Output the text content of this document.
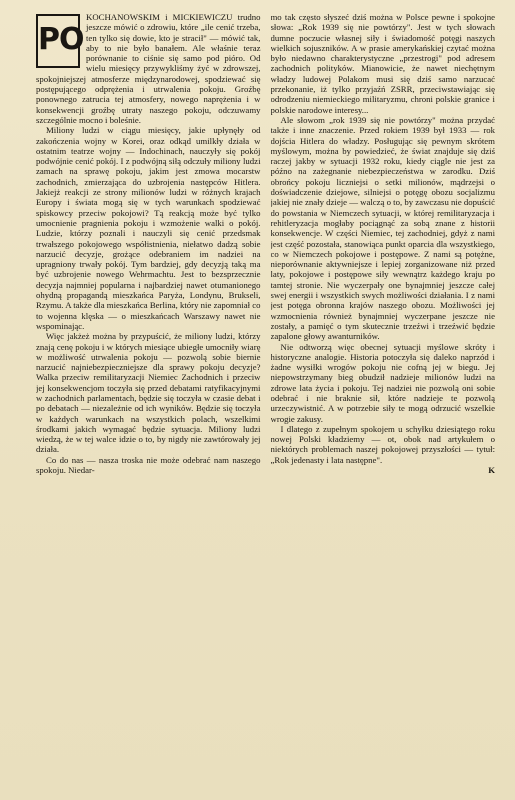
PO

KOCHANOWSKIM i MICKIEWICZU trudno jeszcze mówić o zdrowiu, które „ile cenić trzeba, ten tylko się dowie, kto je stracił" — mówić tak, aby to nie było banałem. Ale właśnie teraz porównanie to ciśnie się samo pod pióro. Od wielu miesięcy przywykliśmy żyć w zdrowszej, spokojniejszej atmosferze międzynarodowej, spodziewać się postępującego odprężenia i utrwalenia pokoju. Groźbę ponownego zatrucia tej atmosfery, nowego naprężenia i w konsekwencji groźbę utraty naszego pokoju, odczuwamy szczególnie mocno i boleśnie.

Miliony ludzi w ciągu miesięcy, jakie upłynęły od zakończenia wojny w Korei, oraz odkąd umilkły działa w ostatnim teatrze wojny — Indochinach, nauczyły się pokój podwójnie cenić pokój. I z podwójną siłą odczuły miliony ludzi zamach na sprawę pokoju, jakim jest zmowa mocarstw zachodnich, zmierzająca do uzbrojenia następców Hitlera. Jakiejż reakcji ze strony milionów ludzi w różnych krajach Europy i świata mogą się w tych warunkach spodziewać spiskowcy przeciw pokojowi? Tą reakcją może być tylko umocnienie pragnienia pokoju i wzmożenie walki o pokój. Ludzie, którzy poznali i nauczyli się cenić przedsmak trwałszego pokojowego współistnienia, niełatwo dadzą sobie narzucić decyzje, grożące odebraniem im nadziei na upragniony trwały pokój. Tym bardziej, gdy decyzją taką ma być uzbrojenie nowego Wehrmachtu. Jest to bezsprzecznie decyzja najmniej popularna i najbardziej nawet otumanionego ohydną propagandą mieszkańca Paryża, Londynu, Brukseli, Rzymu. A także dla mieszkańca Berlina, który nie zapomniał co to wojenna klęska — o mieszkańcach Warszawy nawet nie wspominając.

Więc jakżeż można by przypuścić, że miliony ludzi, którzy znają cenę pokoju i w których miesiące ubiegłe umocniły wiarę w możliwość utrwalenia pokoju — pozwolą sobie biernie narzucić najniebezpieczniejsze dla sprawy pokoju decyzje? Walka przeciw remilitaryzacji Niemiec Zachodnich i przeciw jej konsekwencjom toczyła się przed debatami ratyfikacyjnymi w zachodnich parlamentach, będzie się toczyła w czasie debat i po debatach — niezależnie od ich wyników. Będzie się toczyła w każdych warunkach na wszystkich polach, wszelkimi środkami jakich wymagać będzie sytuacja. Miliony ludzi wiedzą, że w tej walce idzie o to, by nigdy nie zawtórowały jej działa.

Co do nas — nasza troska nie może odebrać nam naszego spokoju. Niedar-

mo tak często słyszeć dziś można w Polsce pewne i spokojne słowa: „Rok 1939 się nie powtórzy". Jest w tych słowach dumne poczucie własnej siły i świadomość potęgi naszych wielkich sojuszników. A w prasie amerykańskiej czytać można było niedawno charakterystyczne „przestrogi" pod adresem zachodnich polityków. Mianowicie, że nawet niechętnym władzy ludowej Polakom musi się dziś samo narzucać przekonanie, iż tylko przyjaźń ZSRR, przeciwstawiając się odrodzeniu niemieckiego militaryzmu, chroni polskie granice i polskie narodowe interesy...

Ale słowom „rok 1939 się nie powtórzy" można przydać także i inne znaczenie. Przed rokiem 1939 był 1933 — rok dojścia Hitlera do władzy. Posługując się pewnym skrótem myślowym, można by powiedzieć, że świat znajduje się dziś raczej jakby w sytuacji 1932 roku, kiedy ciągle nie jest za późno na zażegnanie niebezpieczeństwa w zarodku. Dziś obrońcy pokoju liczniejsi o setki milionów, mądrzejsi o doświadczenie dziejowe, silniejsi o potęgę obozu socjalizmu jakiej nie znały dzieje — walczą o to, by zawczasu nie dopuścić do powstania w Niemczech sytuacji, w której remilitaryzacja i rehitleryzacja mogłaby pociągnąć za sobą znane z historii konsekwencje. W części Niemiec, tej zachodniej, gdyż z nami jest część pozostała, stanowiąca punkt oparcia dla wszystkiego, co w Niemczech pokojowe i postępowe. Z nami są potężne, nieporównanie aktywniejsze i lepiej zorganizowane niż przed laty, pokojowe i postępowe siły wewnątrz każdego kraju po tamtej stronie. Nie wyczerpały one bynajmniej jeszcze całej swej energii i wszystkich swych możliwości działania. I z nami jest potęga obronna krajów naszego obozu. Możliwości jej wzmocnienia również bynajmniej wyczerpane jeszcze nie zostały, a pamięć o tym skutecznie trzeźwi i trzeźwić będzie zapalone głowy awanturników.

Nie odtworzą więc obecnej sytuacji myślowe skróty i historyczne analogie. Historia potoczyła się daleko naprzód i żadne wysiłki wrogów pokoju nie cofną jej w biegu. Jej niepowstrzymany bieg obudził nadzieje milionów ludzi na zdrowe lata życia i pokoju. Tej nadziei nie pozwolą oni sobie odebrać i nie braknie sił, które nadzieje te pozwolą urzeczywistnić. A w potrzebie siły te mogą odrzucić wszelkie wrogie zakusy.

I dlatego z zupełnym spokojem u schyłku dziesiątego roku nowej Polski kładziemy — ot, obok nad artykułem o niektórych problemach naszej pokojowej przyszłości — tytuł: „Rok jedenasty i lata następne".

K
